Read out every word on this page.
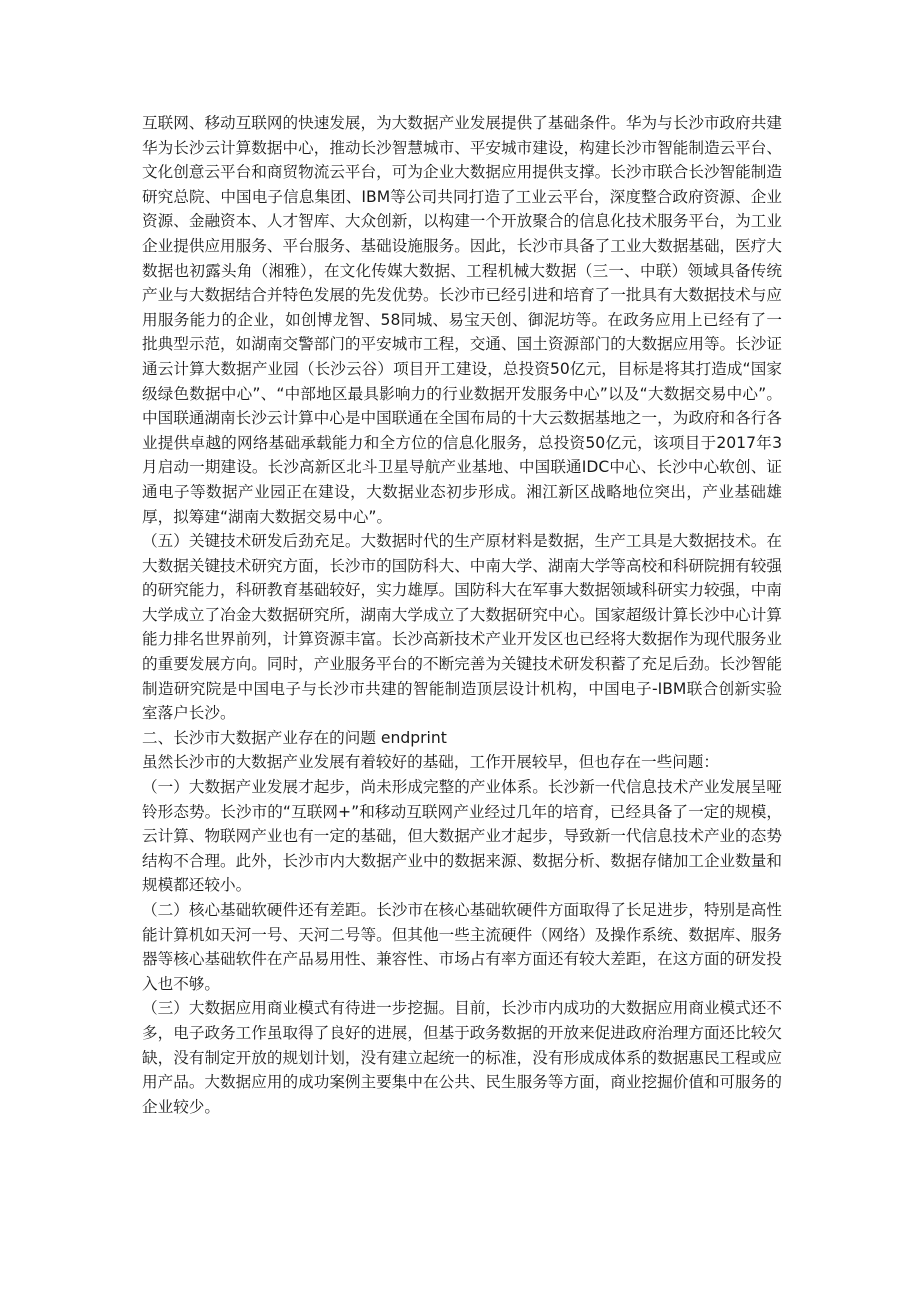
互联网、移动互联网的快速发展，为大数据产业发展提供了基础条件。华为与长沙市政府共建华为长沙云计算数据中心，推动长沙智慧城市、平安城市建设，构建长沙市智能制造云平台、文化创意云平台和商贸物流云平台，可为企业大数据应用提供支撑。长沙市联合长沙智能制造研究总院、中国电子信息集团、IBM等公司共同打造了工业云平台，深度整合政府资源、企业资源、金融资本、人才智库、大众创新，以构建一个开放聚合的信息化技术服务平台，为工业企业提供应用服务、平台服务、基础设施服务。因此，长沙市具备了工业大数据基础，医疗大数据也初露头角（湘雅），在文化传媒大数据、工程机械大数据（三一、中联）领域具备传统产业与大数据结合并特色发展的先发优势。长沙市已经引进和培育了一批具有大数据技术与应用服务能力的企业，如创博龙智、58同城、易宝天创、御泥坊等。在政务应用上已经有了一批典型示范，如湖南交警部门的平安城市工程，交通、国土资源部门的大数据应用等。长沙证通云计算大数据产业园（长沙云谷）项目开工建设，总投资50亿元，目标是将其打造成“国家级绿色数据中心”、“中部地区最具影响力的行业数据开发服务中心”以及“大数据交易中心”。中国联通湖南长沙云计算中心是中国联通在全国布局的十大云数据基地之一，为政府和各行各业提供卓越的网络基础承载能力和全方位的信息化服务，总投资50亿元，该项目于2017年3月启动一期建设。长沙高新区北斗卫星导航产业基地、中国联通IDC中心、长沙中心软创、证通电子等数据产业园正在建设，大数据业态初步形成。湘江新区战略地位突出，产业基础雄厚，拟筹建“湖南大数据交易中心”。

（五）关键技术研发后劲充足。大数据时代的生产原材料是数据，生产工具是大数据技术。在大数据关键技术研究方面，长沙市的国防科大、中南大学、湖南大学等高校和科研院拥有较强的研究能力，科研教育基础较好，实力雄厚。国防科大在军事大数据领域科研实力较强，中南大学成立了冶金大数据研究所，湖南大学成立了大数据研究中心。国家超级计算长沙中心计算能力排名世界前列，计算资源丰富。长沙高新技术产业开发区也已经将大数据作为现代服务业的重要发展方向。同时，产业服务平台的不断完善为关键技术研发积蓄了充足后劲。长沙智能制造研究院是中国电子与长沙市共建的智能制造顶层设计机构，中国电子-IBM联合创新实验室落户长沙。

二、长沙市大数据产业存在的问题 endprint

虽然长沙市的大数据产业发展有着较好的基础，工作开展较早，但也存在一些问题：

（一）大数据产业发展才起步，尚未形成完整的产业体系。长沙新一代信息技术产业发展呈哑铃形态势。长沙市的“互联网+”和移动互联网产业经过几年的培育，已经具备了一定的规模，云计算、物联网产业也有一定的基础，但大数据产业才起步，导致新一代信息技术产业的态势结构不合理。此外，长沙市内大数据产业中的数据来源、数据分析、数据存储加工企业数量和规模都还较小。

（二）核心基础软硬件还有差距。长沙市在核心基础软硬件方面取得了长足进步，特别是高性能计算机如天河一号、天河二号等。但其他一些主流硬件（网络）及操作系统、数据库、服务器等核心基础软件在产品易用性、兼容性、市场占有率方面还有较大差距，在这方面的研发投入也不够。

（三）大数据应用商业模式有待进一步挖掘。目前，长沙市内成功的大数据应用商业模式还不多，电子政务工作虽取得了良好的进展，但基于政务数据的开放来促进政府治理方面还比较欠缺，没有制定开放的规划计划，没有建立起统一的标准，没有形成成体系的数据惠民工程或应用产品。大数据应用的成功案例主要集中在公共、民生服务等方面，商业挖掘价值和可服务的企业较少。
